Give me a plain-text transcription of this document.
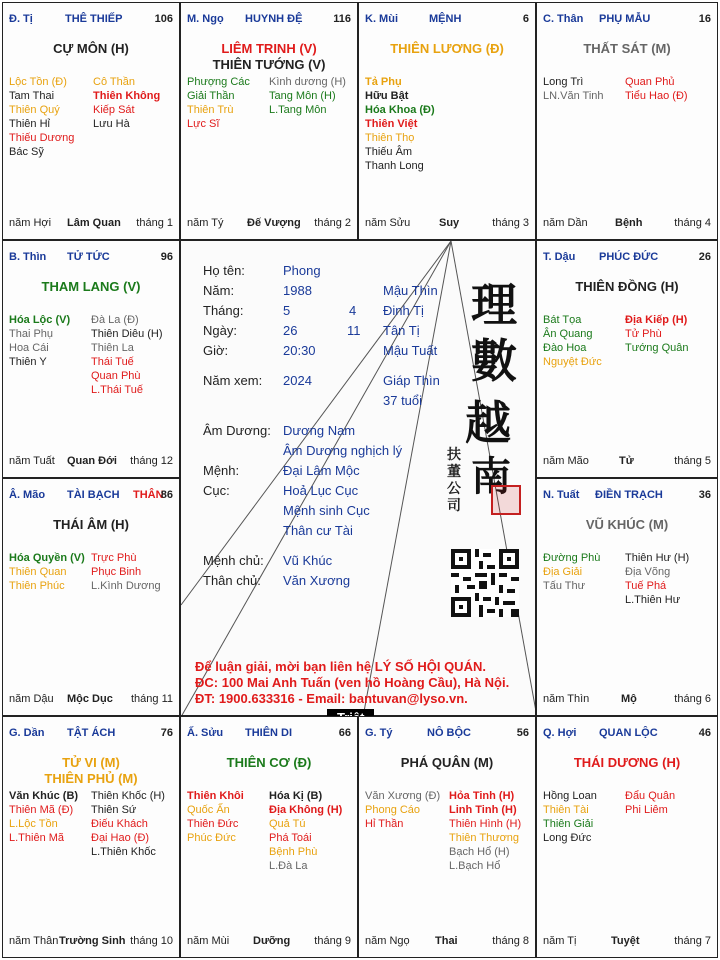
Họ tên:	Phong
Năm:	1988	Mậu Thìn
Tháng:	5	4 Đinh Tị
Ngày:	26	11 Tân Tị
Giờ:	20:30	Mậu Tuất
Năm xem: 2024	Giáp Thìn
37 tuổi
Âm Dương: Dương Nam
Âm Dương nghịch lý
Mệnh:	Đại Lâm Mộc
Cục:	Hoả Lục Cục
Mệnh sinh Cục
Thân cư Tài
Mệnh chủ: Vũ Khúc
Thân chủ: Văn Xương
理
數
越
南
扶
董
公
司
Để luận giải, mời bạn liên hệ LÝ SỐ HỘI QUÁN.
ĐC: 100 Mai Anh Tuấn (ven hồ Hoàng Cầu), Hà Nội.
ĐT: 1900.633316 - Email: bantuvan@lyso.vn.
Đ. Tị	THÊ THIẾP	106
CỰ MÔN (H)
Lộc Tồn (Đ)
Tam Thai
Thiên Quý
Thiên Hỉ
Thiếu Dương
Bác Sỹ
Cô Thần
Thiên Không
Kiếp Sát
Lưu Hà
năm Hợi Lâm Quan tháng 1
M. Ngọ HUYNH ĐỆ	116
LIÊM TRINH (V)
THIÊN TƯỚNG (V)
Phượng Các
Giải Thần
Thiên Trù
Lực Sĩ
Kình dương (H)
Tang Môn (H)
L.Tang Môn
năm Tý Đế Vượng tháng 2
K. Mùi	MỆNH	6
THIÊN LƯƠNG (Đ)
Tả Phụ
Hữu Bật
Hóa Khoa (Đ)
Thiên Việt
Thiên Thọ
Thiếu Âm
Thanh Long
năm Sửu	Suy	tháng 3
C. Thân PHỤ MẪU	16
THẤT SÁT (M)
Long Trì
LN.Văn Tinh
Quan Phủ
Tiểu Hao (Đ)
năm Dần Bệnh	tháng 4
B. Thìn TỬ TỨC	96
THAM LANG (V)
Hóa Lộc (V)
Thai Phụ
Hoa Cái
Thiên Y
Đà La (Đ)
Thiên Diêu (H)
Thiên La
Thái Tuế
Quan Phù
L.Thái Tuế
năm Tuất Quan Đới tháng 12
T. Dậu PHÚC ĐỨC	26
THIÊN ĐỒNG (H)
Bát Tọa
Ân Quang
Đào Hoa
Nguyệt Đức
Địa Kiếp (H)
Tử Phù
Tướng Quân
năm Mão	Tử	tháng 5
Â. Mão TÀI BẠCH THÂN
86
THÁI ÂM (H)
Hóa Quyền (V)
Thiên Quan
Thiên Phúc
Trực Phù
Phục Binh
L.Kình Dương
năm Dậu Mộc Dục tháng 11
N. Tuất ĐIỀN TRẠCH	36
VŨ KHÚC (M)
Đường Phù
Địa Giải
Tấu Thư
Thiên Hư (H)
Địa Võng
Tuế Phá
L.Thiên Hư
năm Thìn	Mộ	tháng 6
G. Dần TẬT ÁCH	76
TỬ VI (M)
THIÊN PHỦ (M)
Văn Khúc (B)
Thiên Mã (Đ)
L.Lộc Tồn
L.Thiên Mã
Thiên Khốc (H)
Thiên Sứ
Điếu Khách
Đại Hao (Đ)
L.Thiên Khốc
năm Thân Trường Sinh tháng 10
Ấ. Sửu THIÊN DI	66
THIÊN CƠ (Đ)
Thiên Khôi
Quốc Ấn
Thiên Đức
Phúc Đức
Hóa Kị (B)
Địa Không (H)
Quả Tú
Phá Toái
Bệnh Phù
L.Đà La
năm Mùi Dưỡng tháng 9
G. Tý	NÔ BỘC	56
PHÁ QUÂN (M)
Văn Xương (Đ)
Phong Cáo
Hỉ Thần
Hỏa Tinh (H)
Linh Tinh (H)
Thiên Hình (H)
Thiên Thương
Bạch Hổ (H)
L.Bạch Hổ
năm Ngọ Thai	tháng 8
Q. Hợi QUAN LỘC	46
THÁI DƯƠNG (H)
Hồng Loan
Thiên Tài
Thiên Giải
Long Đức
Đẩu Quân
Phi Liêm
năm Tị	Tuyệt	tháng 7
